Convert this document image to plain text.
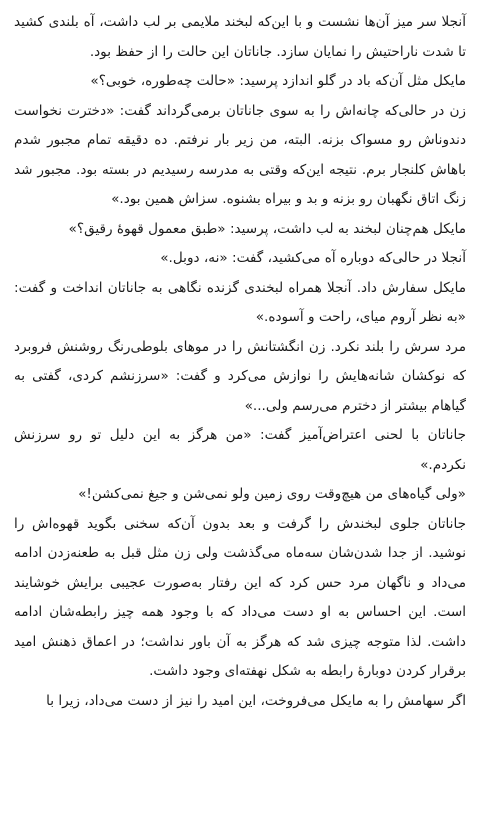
آنجلا سر میز آن‌ها نشست و با این‌که لبخند ملایمی بر لب داشت، آه بلندی کشید تا شدت ناراحتیش را نمایان سازد. جاناتان این حالت را از حفظ بود.

مایکل مثل آن‌که باد در گلو اندازد پرسید: «حالت چه‌طوره، خوبی؟»

زن در حالی‌که چانه‌اش را به سوی جاناتان برمی‌گرداند گفت: «دخترت نخواست دندوناش رو مسواک بزنه. البته، من زیر بار نرفتم. ده دقیقه تمام مجبور شدم باهاش کلنجار برم. نتیجه این‌که وقتی به مدرسه رسیدیم در بسته بود. مجبور شد زنگ اتاق نگهبان رو بزنه و بد و بیراه بشنوه. سزاش همین بود.»

مایکل هم‌چنان لبخند به لب داشت، پرسید: «طبق معمول قهوهٔ رقیق؟»

آنجلا در حالی‌که دوباره آه می‌کشید، گفت: «نه، دوبل.»

مایکل سفارش داد. آنجلا همراه لبخندی گزنده نگاهی به جاناتان انداخت و گفت: «به نظر آروم میای، راحت و آسوده.»

مرد سرش را بلند نکرد. زن انگشتانش را در موهای بلوطی‌رنگ روشنش فروبرد که نوکشان شانه‌هایش را نوازش می‌کرد و گفت: «سرزنشم کردی، گفتی به گیاهام بیشتر از دخترم می‌رسم ولی...»

جاناتان با لحنی اعتراض‌آمیز گفت: «من هرگز به این دلیل تو رو سرزنش نکردم.»

«ولی گیاه‌های من هیچ‌وقت روی زمین ولو نمی‌شن و جیغ نمی‌کشن!»

جاناتان جلوی لبخندش را گرفت و بعد بدون آن‌که سخنی بگوید قهوه‌اش را نوشید. از جدا شدن‌شان سه‌ماه می‌گذشت ولی زن مثل قبل به طعنه‌زدن ادامه می‌داد و ناگهان مرد حس کرد که این رفتار به‌صورت عجیبی برایش خوشایند است. این احساس به او دست می‌داد که با وجود همه چیز رابطه‌شان ادامه داشت. لذا متوجه چیزی شد که هرگز به آن باور نداشت؛ در اعماق ذهنش امید برقرار کردن دوبارهٔ رابطه به شکل نهفته‌ای وجود داشت.

اگر سهامش را به مایکل می‌فروخت، این امید را نیز از دست می‌داد، زیرا با
